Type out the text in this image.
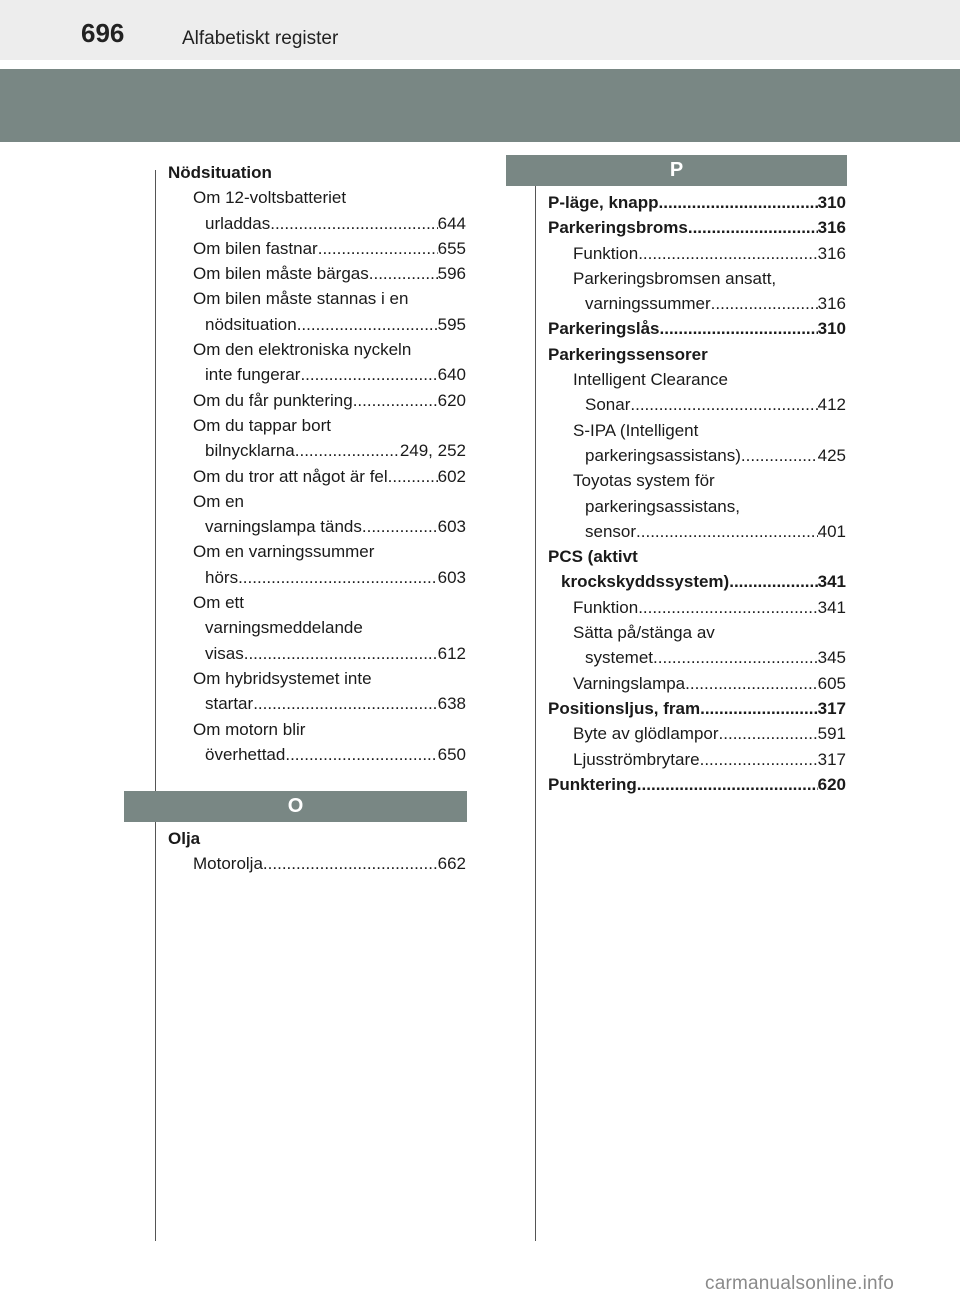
696	Alfabetiskt register
P
O
Nödsituation
Om 12-voltsbatteriet
urladdas .....	644
Om bilen fastnar .....	655
Om bilen måste bärgas .....	596
Om bilen måste stannas i en
nödsituation .....	595
Om den elektroniska nyckeln
inte fungerar .....	640
Om du får punktering .....	620
Om du tappar bort
bilnycklarna .....	249, 252
Om du tror att något är fel .....	602
Om en
varningslampa tänds .....	603
Om en varningssummer
hörs .....	603
Om ett
varningsmeddelande
visas .....	612
Om hybridsystemet inte
startar .....	638
Om motorn blir
överhettad .....	650
Olja
Motorolja .....	662
P-läge, knapp .....	310
Parkeringsbroms .....	316
Funktion .....	316
Parkeringsbromsen ansatt,
varningssummer .....	316
Parkeringslås .....	310
Parkeringssensorer
Intelligent Clearance
Sonar .....	412
S-IPA (Intelligent
parkeringsassistans) .....	425
Toyotas system för
parkeringsassistans,
sensor .....	401
PCS (aktivt
krockskyddssystem) .....	341
Funktion .....	341
Sätta på/stänga av
systemet .....	345
Varningslampa .....	605
Positionsljus, fram .....	317
Byte av glödlampor .....	591
Ljusströmbrytare .....	317
Punktering .....	620
carmanualsonline.info
